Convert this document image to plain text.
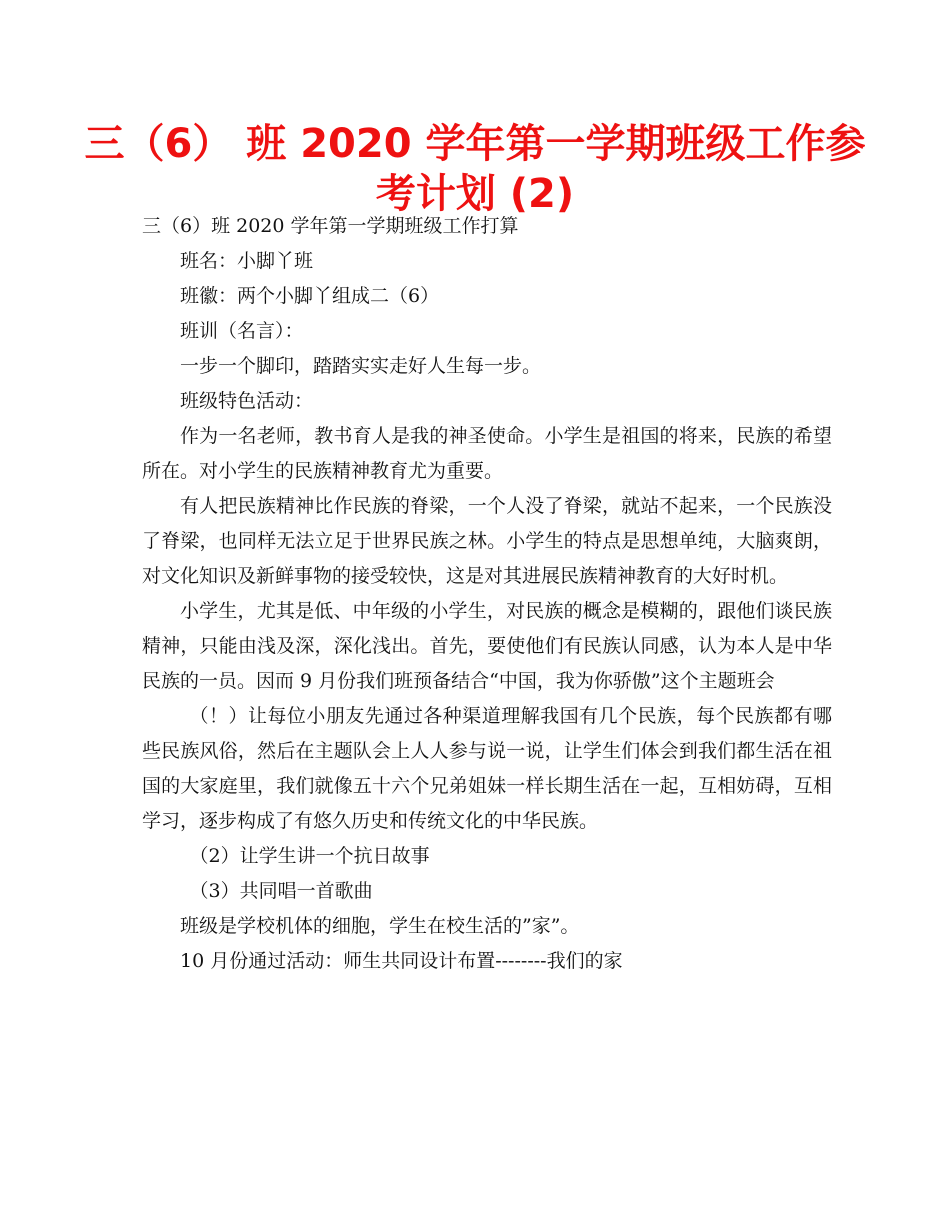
三（6） 班 2020 学年第一学期班级工作参
考计划 (2)

三（6）班 2020 学年第一学期班级工作打算

班名：小脚丫班

班徽：两个小脚丫组成二（6）

班训（名言）：

一步一个脚印，踏踏实实走好人生每一步。

班级特色活动：

作为一名老师，教书育人是我的神圣使命。小学生是祖国的将来，民族的希望所在。对小学生的民族精神教育尤为重要。

有人把民族精神比作民族的脊梁，一个人没了脊梁，就站不起来，一个民族没了脊梁，也同样无法立足于世界民族之林。小学生的特点是思想单纯，大脑爽朗，对文化知识及新鲜事物的接受较快，这是对其进展民族精神教育的大好时机。

小学生，尤其是低、中年级的小学生，对民族的概念是模糊的，跟他们谈民族精神，只能由浅及深，深化浅出。首先，要使他们有民族认同感，认为本人是中华民族的一员。因而 9 月份我们班预备结合“中国，我为你骄傲”这个主题班会

（！）让每位小朋友先通过各种渠道理解我国有几个民族，每个民族都有哪些民族风俗，然后在主题队会上人人参与说一说，让学生们体会到我们都生活在祖国的大家庭里，我们就像五十六个兄弟姐妹一样长期生活在一起，互相妨碍，互相学习，逐步构成了有悠久历史和传统文化的中华民族。

（2）让学生讲一个抗日故事

（3）共同唱一首歌曲

班级是学校机体的细胞，学生在校生活的”家”。

10 月份通过活动：师生共同设计布置--------我们的家
